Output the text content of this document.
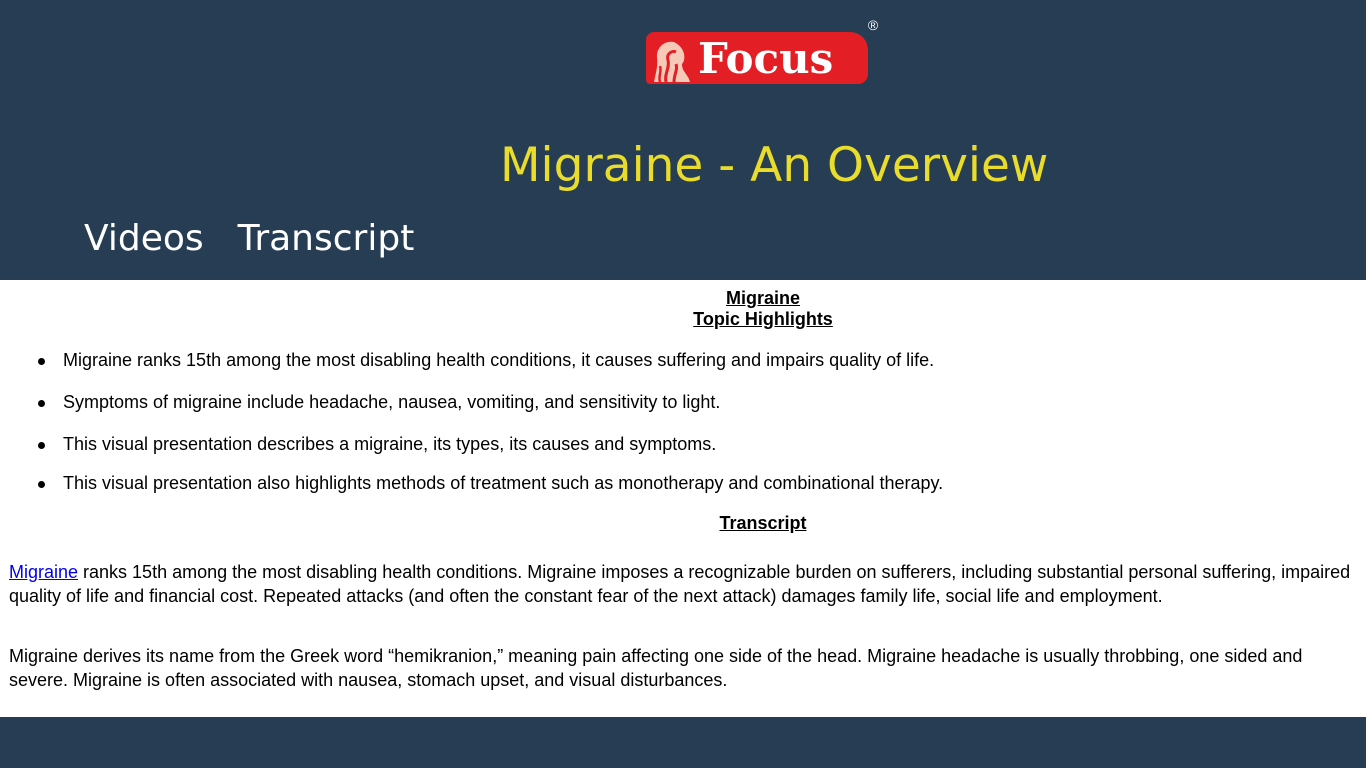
Focus
®
Migraine - An Overview
Videos Transcript
Migraine
Topic Highlights
Migraine ranks 15th among the most disabling health conditions, it causes suffering and impairs quality of life.
Symptoms of migraine include headache, nausea, vomiting, and sensitivity to light.
This visual presentation describes a migraine, its types, its causes and symptoms.
This visual presentation also highlights methods of treatment such as monotherapy and combinational therapy.
Transcript
Migraine ranks 15th among the most disabling health conditions. Migraine imposes a recognizable burden on sufferers, including substantial personal suffering, impaired
quality of life and financial cost. Repeated attacks (and often the constant fear of the next attack) damages family life, social life and employment.
Migraine derives its name from the Greek word “hemikranion,” meaning pain affecting one side of the head. Migraine headache is usually throbbing, one sided and
severe. Migraine is often associated with nausea, stomach upset, and visual disturbances.
